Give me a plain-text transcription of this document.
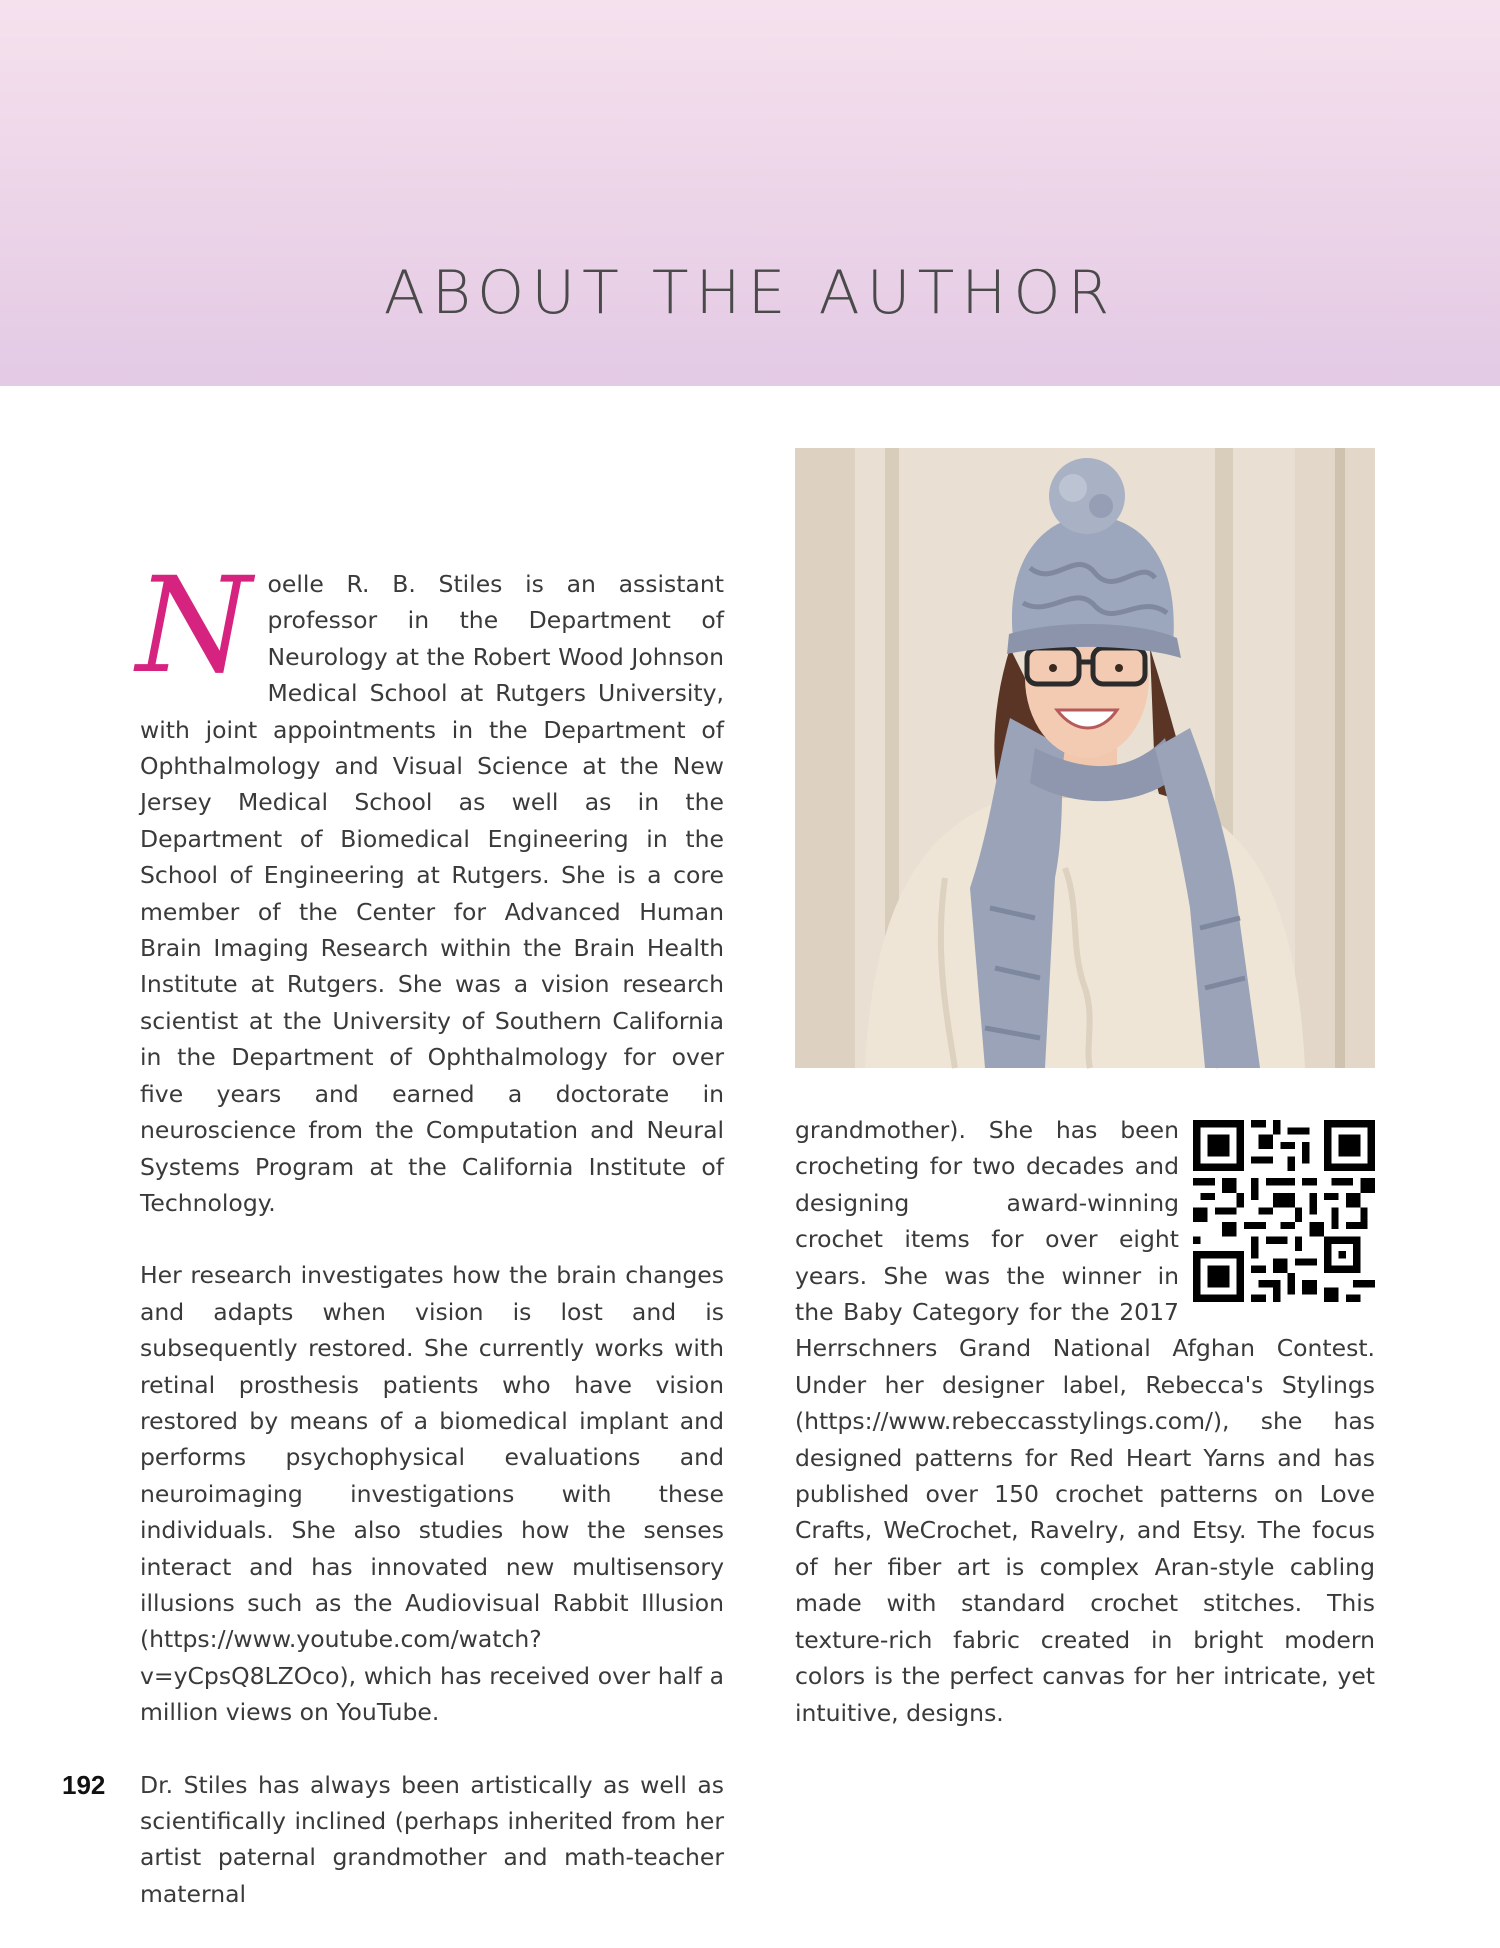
ABOUT THE AUTHOR

Noelle R. B. Stiles is an assistant professor in the Department of Neurology at the Robert Wood Johnson Medical School at Rutgers University, with joint appointments in the Department of Ophthalmology and Visual Science at the New Jersey Medical School as well as in the Department of Biomedical Engineering in the School of Engineering at Rutgers. She is a core member of the Center for Advanced Human Brain Imaging Research within the Brain Health Institute at Rutgers. She was a vision research scientist at the University of Southern California in the Department of Ophthalmology for over five years and earned a doctorate in neuroscience from the Computation and Neural Systems Program at the California Institute of Technology.

Her research investigates how the brain changes and adapts when vision is lost and is subsequently restored. She currently works with retinal prosthesis patients who have vision restored by means of a biomedical implant and performs psychophysical evaluations and neuroimaging investigations with these individuals. She also studies how the senses interact and has innovated new multisensory illusions such as the Audiovisual Rabbit Illusion (https://www.youtube.com/watch?v=yCpsQ8LZOco), which has received over half a million views on YouTube.

Dr. Stiles has always been artistically as well as scientifically inclined (perhaps inherited from her artist paternal grandmother and math-teacher maternal

grandmother). She has been crocheting for two decades and designing award-winning crochet items for over eight years. She was the winner in the Baby Category for the 2017 Herrschners Grand National Afghan Contest. Under her designer label, Rebecca's Stylings (https://www.rebeccasstylings.com/), she has designed patterns for Red Heart Yarns and has published over 150 crochet patterns on Love Crafts, WeCrochet, Ravelry, and Etsy. The focus of her fiber art is complex Aran-style cabling made with standard crochet stitches. This texture-rich fabric created in bright modern colors is the perfect canvas for her intricate, yet intuitive, designs.

192
